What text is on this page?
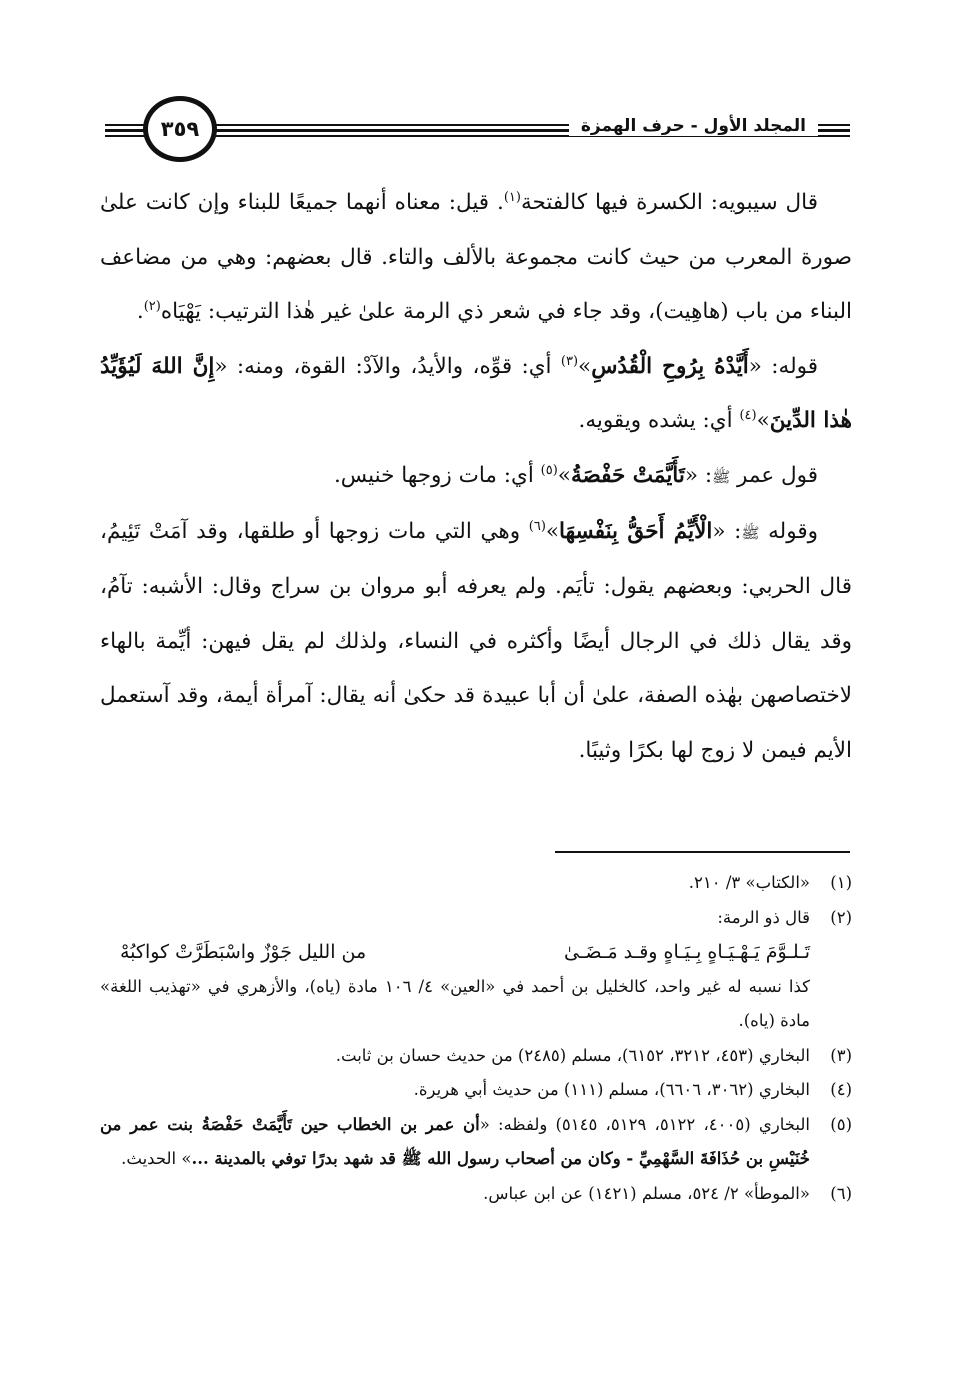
٣٥٩	المجلد الأول - حرف الهمزة

قال سيبويه: الكسرة فيها كالفتحة$^{(١)}$. قيل: معناه أنهما جميعًا للبناء وإن كانت علىٰ صورة المعرب من حيث كانت مجموعة بالألف والتاء. قال بعضهم: وهي من مضاعف البناء من باب (هاهِيت)، وقد جاء في شعر ذي الرمة علىٰ غير هٰذا الترتيب: يَهْيَاه$^{(٢)}$.

قوله: «أَيَّدْهُ بِرُوحِ الْقُدُسِ»$^{(٣)}$ أي: قوِّه، والأيدُ، والآدْ: القوة، ومنه: «إِنَّ اللهَ لَيُؤَيِّدُ هٰذا الدِّينَ»$^{(٤)}$ أي: يشده ويقويه.

قول عمر ﷺ: «تَأَيَّمَتْ حَفْصَةُ»$^{(٥)}$ أي: مات زوجها خنيس.

وقوله ﷺ: «الْأَيِّمُ أَحَقُّ بِنَفْسِهَا»$^{(٦)}$ وهي التي مات زوجها أو طلقها، وقد آمَتْ تَئِيمُ، قال الحربي: وبعضهم يقول: تأيَم. ولم يعرفه أبو مروان بن سراج وقال: الأشبه: تآمُ، وقد يقال ذلك في الرجال أيضًا وأكثره في النساء، ولذلك لم يقل فيهن: أيِّمة بالهاء لاختصاصهن بهٰذه الصفة، علىٰ أن أبا عبيدة قد حكىٰ أنه يقال: آمرأة أيمة، وقد آستعمل الأيم فيمن لا زوج لها بكرًا وثيبًا.

(١)
«الكتاب» ٣/ ٢١٠.
(٢)
قال ذو الرمة:
تَـلـوَّمَ يَـهْـيَـاهٍ بِـيَـاهٍ وقـد مَـضَـىٰ
من الليل جَوْزٌ واسْبَطَرَّتْ كواكبُهْ
كذا نسبه له غير واحد، كالخليل بن أحمد في «العين» ٤/ ١٠٦ مادة (ياه)، والأزهري في «تهذيب اللغة» مادة (ياه).
(٣)
البخاري (٤٥٣، ٣٢١٢، ٦١٥٢)، مسلم (٢٤٨٥) من حديث حسان بن ثابت.
(٤)
البخاري (٣٠٦٢، ٦٦٠٦)، مسلم (١١١) من حديث أبي هريرة.
(٥)
البخاري (٤٠٠٥، ٥١٢٢، ٥١٢٩، ٥١٤٥) ولفظه: «أن عمر بن الخطاب حين تَأَيَّمَتْ حَفْصَةُ بنت عمر من خُنَيْسِ بن حُذَافَةَ السَّهْمِيِّ - وكان من أصحاب رسول الله ﷺ قد شهد بدرًا توفي بالمدينة ...» الحديث.
(٦)
«الموطأ» ٢/ ٥٢٤، مسلم (١٤٢١) عن ابن عباس.
